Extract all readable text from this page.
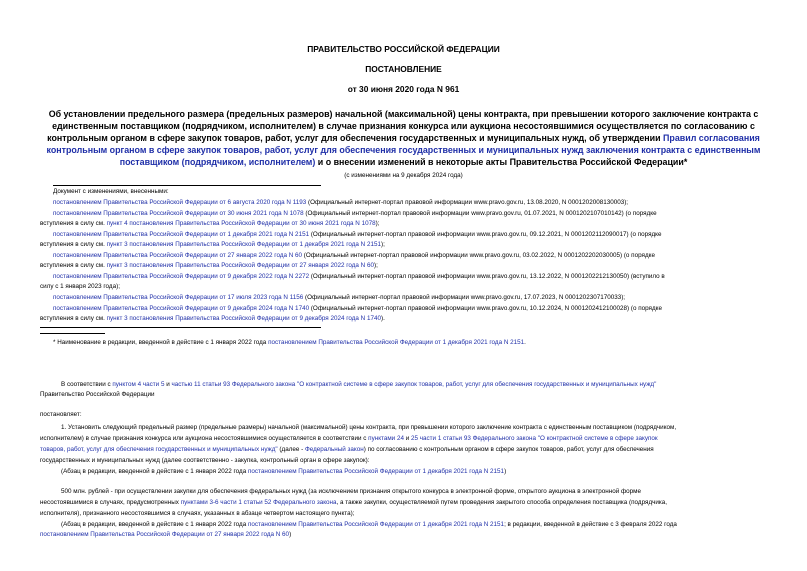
ПРАВИТЕЛЬСТВО РОССИЙСКОЙ ФЕДЕРАЦИИ
ПОСТАНОВЛЕНИЕ
от 30 июня 2020 года N 961
Об установлении предельного размера (предельных размеров) начальной (максимальной) цены контракта, при превышении которого заключение контракта с
единственным поставщиком (подрядчиком, исполнителем) в случае признания конкурса или аукциона несостоявшимися осуществляется по согласованию с
контрольным органом в сфере закупок товаров, работ, услуг для обеспечения государственных и муниципальных нужд, об утверждении Правил согласования
контрольным органом в сфере закупок товаров, работ, услуг для обеспечения государственных и муниципальных нужд заключения контракта с единственным
поставщиком (подрядчиком, исполнителем) и о внесении изменений в некоторые акты Правительства Российской Федерации*
(с изменениями на 9 декабря 2024 года)
Документ с изменениями, внесенными:
постановлением Правительства Российской Федерации от 6 августа 2020 года N 1193 (Официальный интернет-портал правовой информации www.pravo.gov.ru, 13.08.2020, N 0001202008130003);
постановлением Правительства Российской Федерации от 30 июня 2021 года N 1078 (Официальный интернет-портал правовой информации www.pravo.gov.ru, 01.07.2021, N 0001202107010142) (о порядке
вступления в силу см. пункт 4 постановления Правительства Российской Федерации от 30 июня 2021 года N 1078);
постановлением Правительства Российской Федерации от 1 декабря 2021 года N 2151 (Официальный интернет-портал правовой информации www.pravo.gov.ru, 09.12.2021, N 0001202112090017) (о порядке
вступления в силу см. пункт 3 постановления Правительства Российской Федерации от 1 декабря 2021 года N 2151);
постановлением Правительства Российской Федерации от 27 января 2022 года N 60 (Официальный интернет-портал правовой информации www.pravo.gov.ru, 03.02.2022, N 0001202202030005) (о порядке
вступления в силу см. пункт 3 постановления Правительства Российской Федерации от 27 января 2022 года N 60);
постановлением Правительства Российской Федерации от 9 декабря 2022 года N 2272 (Официальный интернет-портал правовой информации www.pravo.gov.ru, 13.12.2022, N 0001202212130050) (вступило в
силу с 1 января 2023 года);
постановлением Правительства Российской Федерации от 17 июля 2023 года N 1156 (Официальный интернет-портал правовой информации www.pravo.gov.ru, 17.07.2023, N 0001202307170033);
постановлением Правительства Российской Федерации от 9 декабря 2024 года N 1740 (Официальный интернет-портал правовой информации www.pravo.gov.ru, 10.12.2024, N 0001202412100028) (о порядке
вступления в силу см. пункт 3 постановления Правительства Российской Федерации от 9 декабря 2024 года N 1740).
* Наименование в редакции, введенной в действие с 1 января 2022 года постановлением Правительства Российской Федерации от 1 декабря 2021 года N 2151.
В соответствии с пунктом 4 части 5 и частью 11 статьи 93 Федерального закона "О контрактной системе в сфере закупок товаров, работ, услуг для обеспечения государственных и муниципальных нужд"
Правительство Российской Федерации
постановляет:
1. Установить следующий предельный размер (предельные размеры) начальной (максимальной) цены контракта, при превышении которого заключение контракта с единственным поставщиком (подрядчиком,
исполнителем) в случае признания конкурса или аукциона несостоявшимися осуществляется в соответствии с пунктами 24 и 25 части 1 статьи 93 Федерального закона "О контрактной системе в сфере закупок
товаров, работ, услуг для обеспечения государственных и муниципальных нужд" (далее - Федеральный закон) по согласованию с контрольным органом в сфере закупок товаров, работ, услуг для обеспечения
государственных и муниципальных нужд (далее соответственно - закупка, контрольный орган в сфере закупок):
(Абзац в редакции, введенной в действие с 1 января 2022 года постановлением Правительства Российской Федерации от 1 декабря 2021 года N 2151)
500 млн. рублей - при осуществлении закупки для обеспечения федеральных нужд (за исключением признания открытого конкурса в электронной форме, открытого аукциона в электронной форме
несостоявшимися в случаях, предусмотренных пунктами 3-6 части 1 статьи 52 Федерального закона, а также закупки, осуществляемой путем проведения закрытого способа определения поставщика (подрядчика,
исполнителя), признанного несостоявшимся в случаях, указанных в абзаце четвертом настоящего пункта);
(Абзац в редакции, введенной в действие с 1 января 2022 года постановлением Правительства Российской Федерации от 1 декабря 2021 года N 2151; в редакции, введенной в действие с 3 февраля 2022 года
постановлением Правительства Российской Федерации от 27 января 2022 года N 60)
